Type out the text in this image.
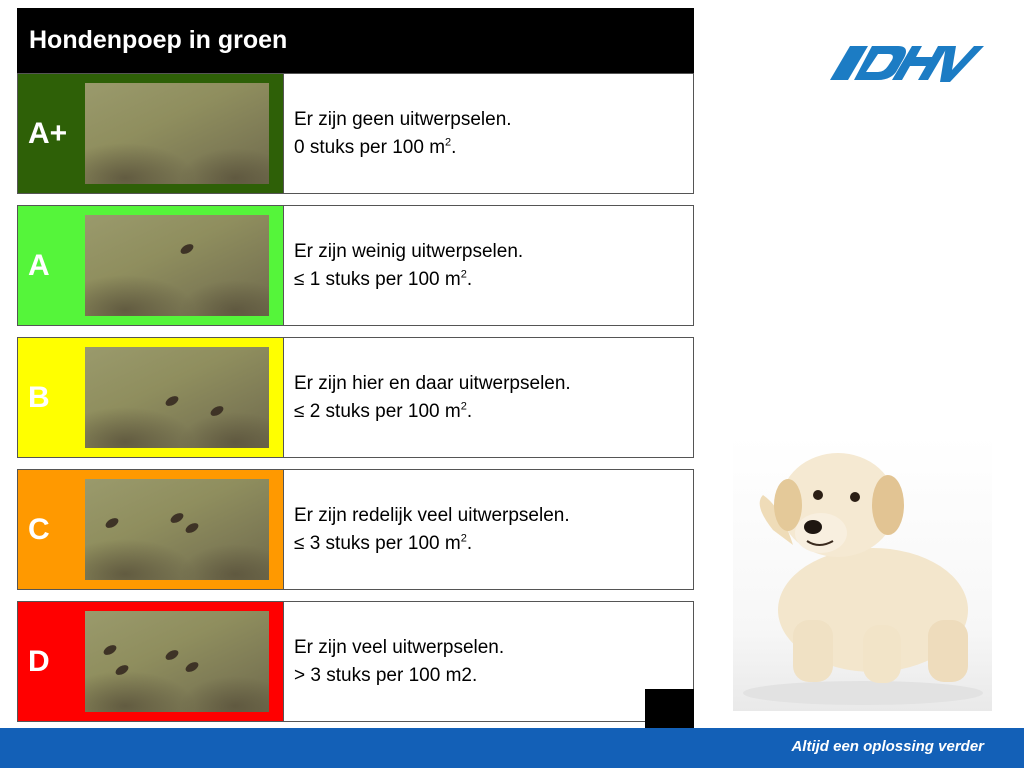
Hondenpoep in groen
A+	Er zijn geen uitwerpselen.
0 stuks per 100 $m^2$.
A	Er zijn weinig uitwerpselen.
≤ 1 stuks per 100 $m^2$.
B	Er zijn hier en daar uitwerpselen.
≤ 2 stuks per 100 $m^2$.
C	Er zijn redelijk veel uitwerpselen.
≤ 3 stuks per 100 $m^2$.
D	Er zijn veel uitwerpselen.
> 3 stuks per 100 m2.
Altijd een oplossing verder
